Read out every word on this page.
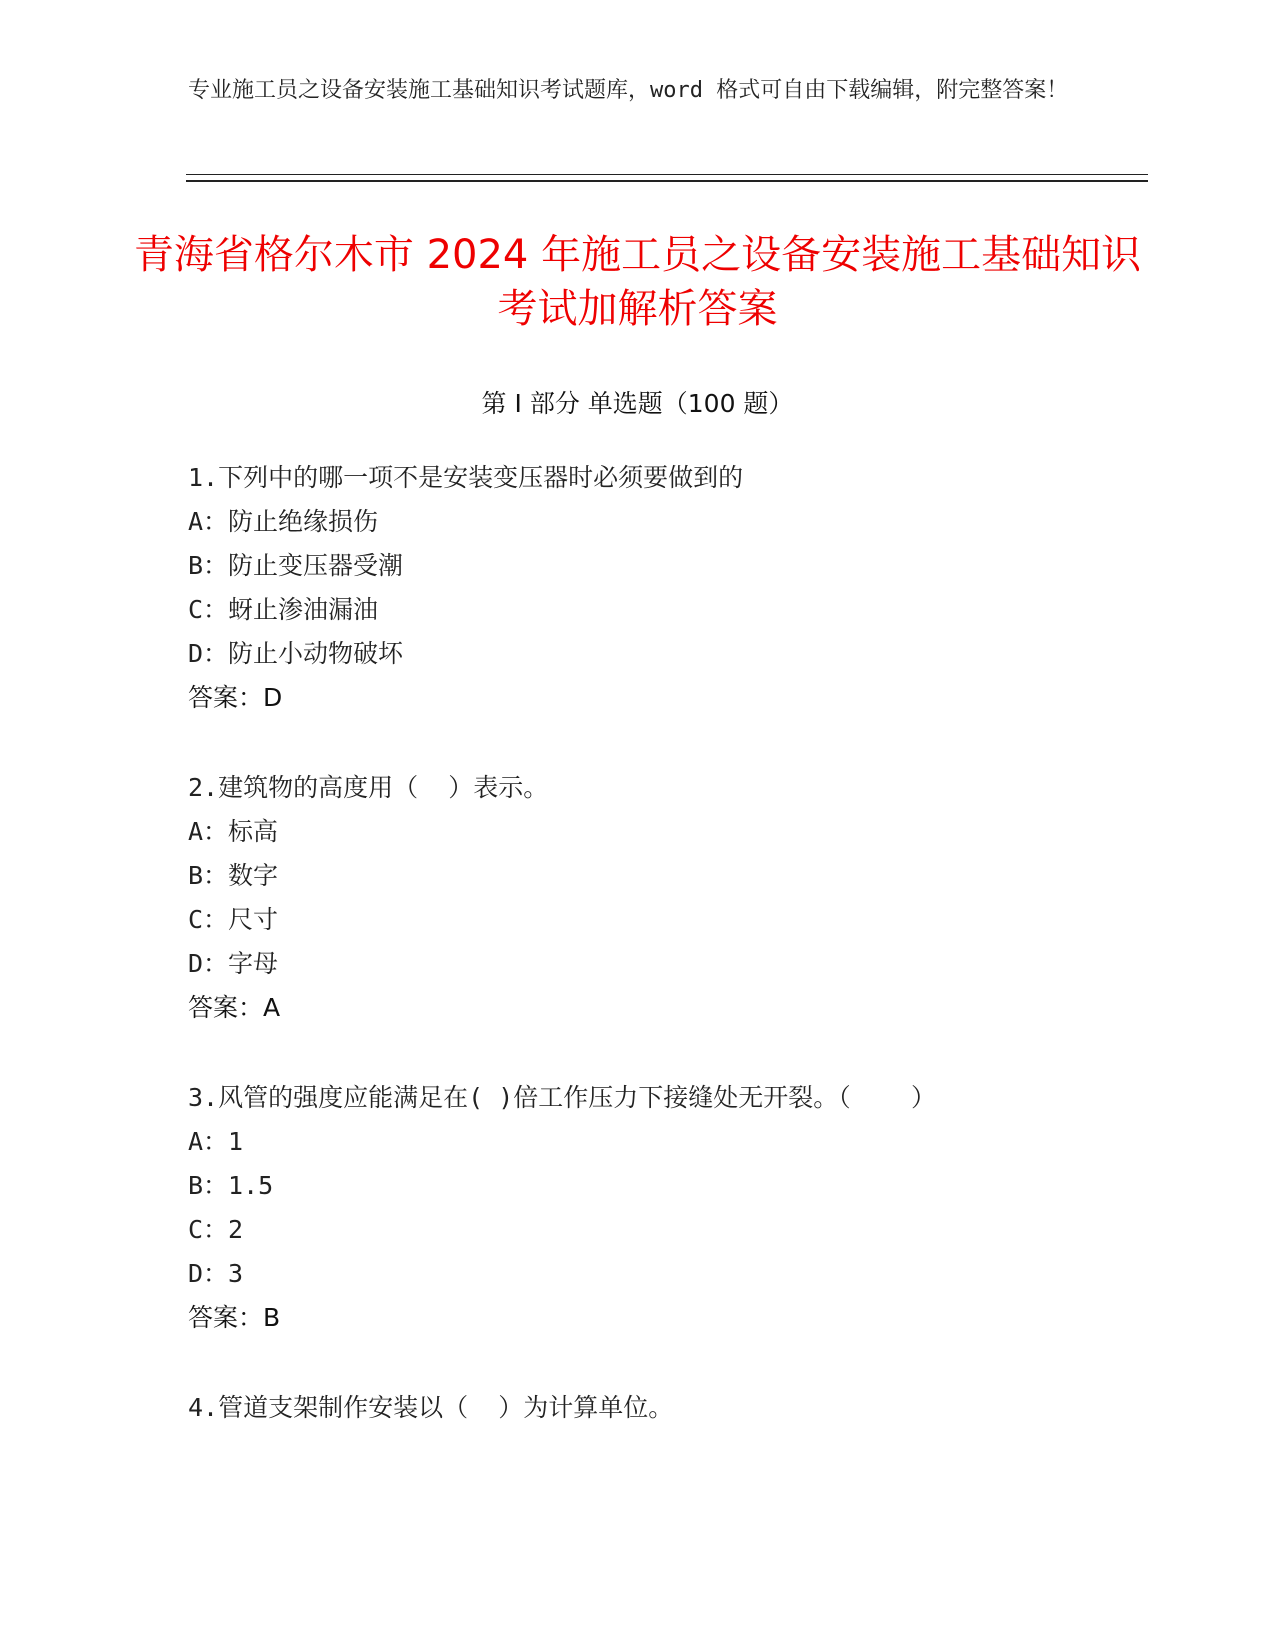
专业施工员之设备安装施工基础知识考试题库，word 格式可自由下载编辑，附完整答案！
青海省格尔木市 2024 年施工员之设备安装施工基础知识考试加解析答案
第 I 部分 单选题（100 题）
1.下列中的哪一项不是安装变压器时必须要做到的
A：防止绝缘损伤
B：防止变压器受潮
C：蚜止渗油漏油
D：防止小动物破坏
答案：D
2.建筑物的高度用（  ）表示。
A：标高
B：数字
C：尺寸
D：字母
答案：A
3.风管的强度应能满足在( )倍工作压力下接缝处无开裂。（    ）
A：1
B：1.5
C：2
D：3
答案：B
4.管道支架制作安装以（  ）为计算单位。
